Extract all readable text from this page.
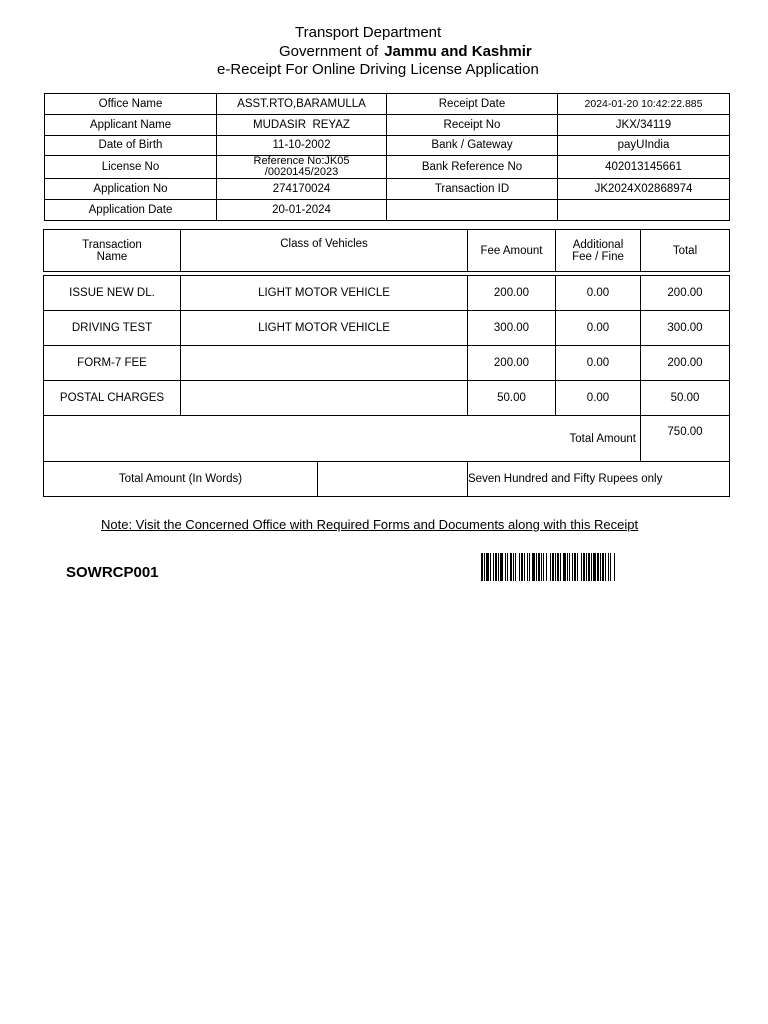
Transport Department
Government of Jammu and Kashmir
e-Receipt For Online Driving License Application
Office Name	ASST.RTO,BARAMULLA	Receipt Date	2024-01-20 10:42:22.885
Applicant Name	MUDASIR  REYAZ	Receipt No	JKX/34119
Date of Birth	11-10-2002	Bank / Gateway	payUIndia
License No	Reference No:JK05 /0020145/2023	Bank Reference No	402013145661
Application No	274170024	Transaction ID	JK2024X02868974
Application Date	20-01-2024		
Transaction Name	Class of Vehicles	Fee Amount	Additional Fee / Fine	Total

ISSUE NEW DL.	LIGHT MOTOR VEHICLE	200.00	0.00	200.00
DRIVING TEST	LIGHT MOTOR VEHICLE	300.00	0.00	300.00
FORM-7 FEE		200.00	0.00	200.00
POSTAL CHARGES		50.00	0.00	50.00
Total Amount				750.00

Total Amount (In Words)		Seven Hundred and Fifty Rupees only		
Note: Visit the Concerned Office with Required Forms and Documents along with this Receipt
SOWRCP001
